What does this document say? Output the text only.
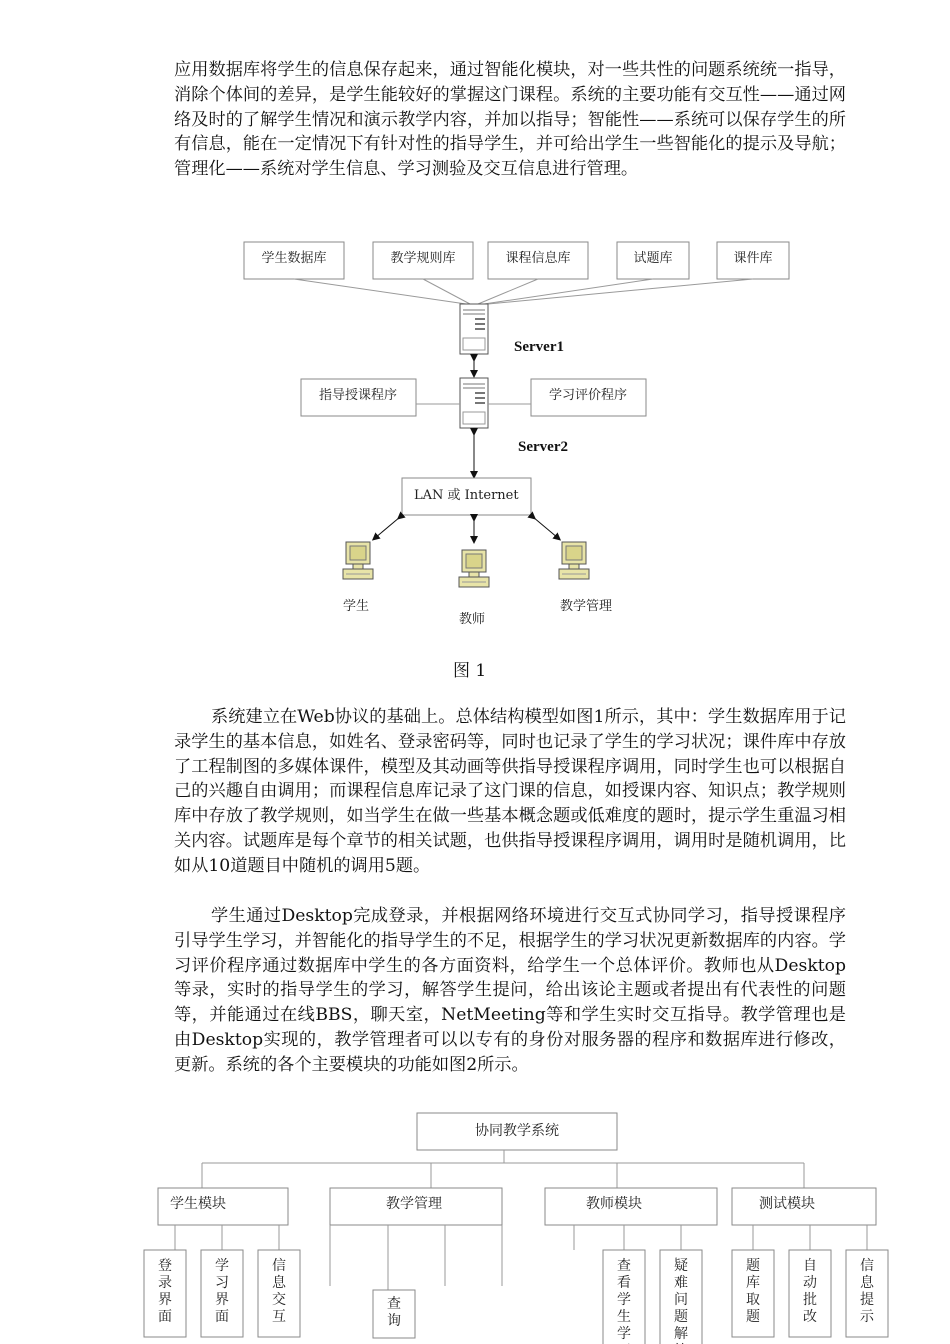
应用数据库将学生的信息保存起来，通过智能化模块，对一些共性的问题系统统一指导，消除个体间的差异，是学生能较好的掌握这门课程。系统的主要功能有交互性——通过网络及时的了解学生情况和演示教学内容，并加以指导；智能性——系统可以保存学生的所有信息，能在一定情况下有针对性的指导学生，并可给出学生一些智能化的提示及导航；管理化——系统对学生信息、学习测验及交互信息进行管理。

系统建立在Web协议的基础上。总体结构模型如图1所示，其中：学生数据库用于记录学生的基本信息，如姓名、登录密码等，同时也记录了学生的学习状况；课件库中存放了工程制图的多媒体课件，模型及其动画等供指导授课程序调用，同时学生也可以根据自己的兴趣自由调用；而课程信息库记录了这门课的信息，如授课内容、知识点；教学规则库中存放了教学规则，如当学生在做一些基本概念题或低难度的题时，提示学生重温习相关内容。试题库是每个章节的相关试题，也供指导授课程序调用，调用时是随机调用，比如从10道题目中随机的调用5题。

学生通过Desktop完成登录，并根据网络环境进行交互式协同学习，指导授课程序引导学生学习，并智能化的指导学生的不足，根据学生的学习状况更新数据库的内容。学习评价程序通过数据库中学生的各方面资料，给学生一个总体评价。教师也从Desktop等录，实时的指导学生的学习，解答学生提问，给出该论主题或者提出有代表性的问题等，并能通过在线BBS，聊天室，NetMeeting等和学生实时交互指导。教学管理也是由Desktop实现的，教学管理者可以以专有的身份对服务器的程序和数据库进行修改，更新。系统的各个主要模块的功能如图2所示。

图 1
学生数据库	教学规则库	课程信息库	试题库	课件库
Server1
Server2
指导授课程序	学习评价程序
LAN 或 Internet
学生
教师
教学管理
协同教学系统
学生模块	教学管理	教师模块	测试模块
登录界面
学习界面
信息交互
查询
查看学生学
疑难问题解
题库取题
自动批改
信息提示
